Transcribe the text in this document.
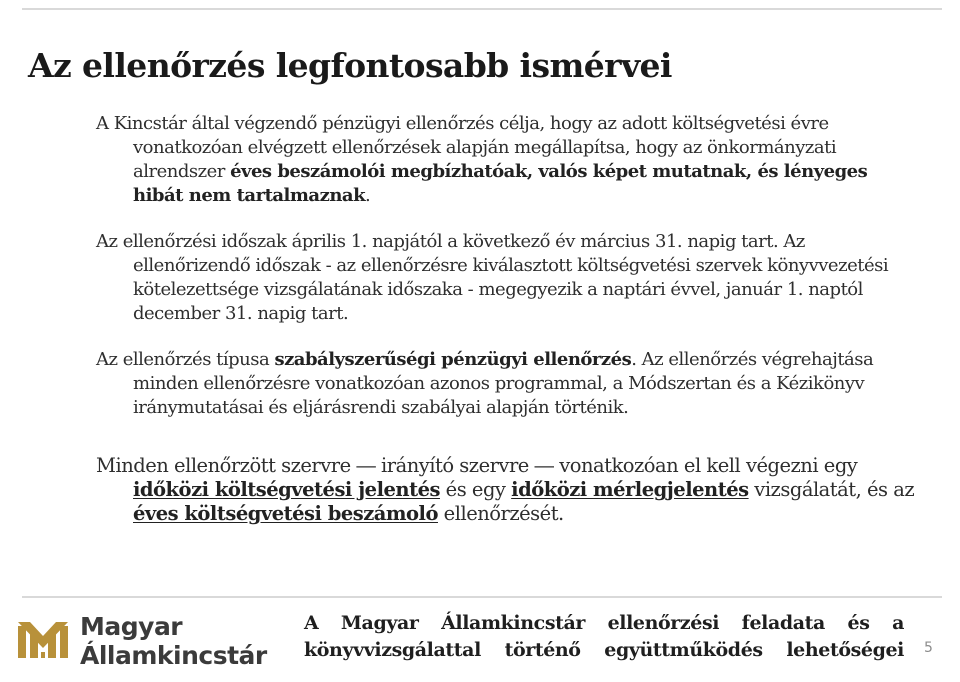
Az ellenőrzés legfontosabb ismérvei

A Kincstár által végzendő pénzügyi ellenőrzés célja, hogy az adott költségvetési évre vonatkozóan elvégzett ellenőrzések alapján megállapítsa, hogy az önkormányzati alrendszer éves beszámolói megbízhatóak, valós képet mutatnak, és lényeges hibát nem tartalmaznak.

Az ellenőrzési időszak április 1. napjától a következő év március 31. napig tart. Az ellenőrizendő időszak - az ellenőrzésre kiválasztott költségvetési szervek könyvvezetési kötelezettsége vizsgálatának időszaka - megegyezik a naptári évvel, január 1. naptól december 31. napig tart.

Az ellenőrzés típusa szabályszerűségi pénzügyi ellenőrzés. Az ellenőrzés végrehajtása minden ellenőrzésre vonatkozóan azonos programmal, a Módszertan és a Kézikönyv iránymutatásai és eljárásrendi szabályai alapján történik.

Minden ellenőrzött szervre ― irányító szervre ― vonatkozóan el kell végezni egy időközi költségvetési jelentés és egy időközi mérlegjelentés vizsgálatát, és az éves költségvetési beszámoló ellenőrzését.

Magyar
Államkincstár
A Magyar Államkincstár ellenőrzési feladata és a
könyvvizsgálattal történő együttműködés lehetőségei 5
